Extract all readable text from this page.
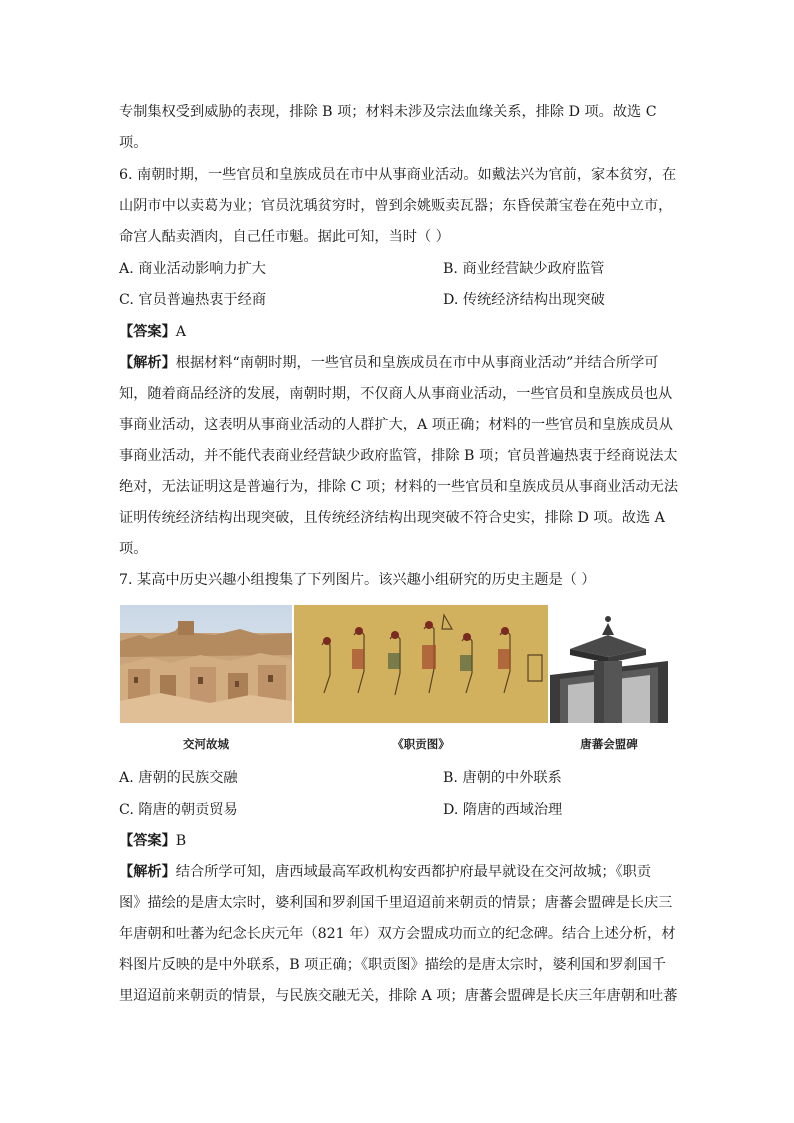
专制集权受到威胁的表现，排除 B 项；材料未涉及宗法血缘关系，排除 D 项。故选 C
项。
6. 南朝时期，一些官员和皇族成员在市中从事商业活动。如戴法兴为官前，家本贫穷，在
山阴市中以卖葛为业；官员沈瑀贫穷时，曾到余姚贩卖瓦器；东昏侯萧宝卷在苑中立市，
命宫人酤卖酒肉，自己任市魁。据此可知，当时（ ）
A. 商业活动影响力扩大	B. 商业经营缺少政府监管
C. 官员普遍热衷于经商	D. 传统经济结构出现突破
【答案】A
【解析】根据材料“南朝时期，一些官员和皇族成员在市中从事商业活动”并结合所学可
知，随着商品经济的发展，南朝时期，不仅商人从事商业活动，一些官员和皇族成员也从
事商业活动，这表明从事商业活动的人群扩大，A 项正确；材料的一些官员和皇族成员从
事商业活动，并不能代表商业经营缺少政府监管，排除 B 项；官员普遍热衷于经商说法太
绝对，无法证明这是普遍行为，排除 C 项；材料的一些官员和皇族成员从事商业活动无法
证明传统经济结构出现突破，且传统经济结构出现突破不符合史实，排除 D 项。故选 A
项。
7. 某高中历史兴趣小组搜集了下列图片。该兴趣小组研究的历史主题是（ ）
交河故城	《职贡图》	唐蕃会盟碑
A. 唐朝的民族交融	B. 唐朝的中外联系
C. 隋唐的朝贡贸易	D. 隋唐的西域治理
【答案】B
【解析】结合所学可知，唐西域最高军政机构安西都护府最早就设在交河故城；《职贡
图》描绘的是唐太宗时，婆利国和罗刹国千里迢迢前来朝贡的情景；唐蕃会盟碑是长庆三
年唐朝和吐蕃为纪念长庆元年（821 年）双方会盟成功而立的纪念碑。结合上述分析，材
料图片反映的是中外联系，B 项正确；《职贡图》描绘的是唐太宗时，婆利国和罗刹国千
里迢迢前来朝贡的情景，与民族交融无关，排除 A 项；唐蕃会盟碑是长庆三年唐朝和吐蕃
